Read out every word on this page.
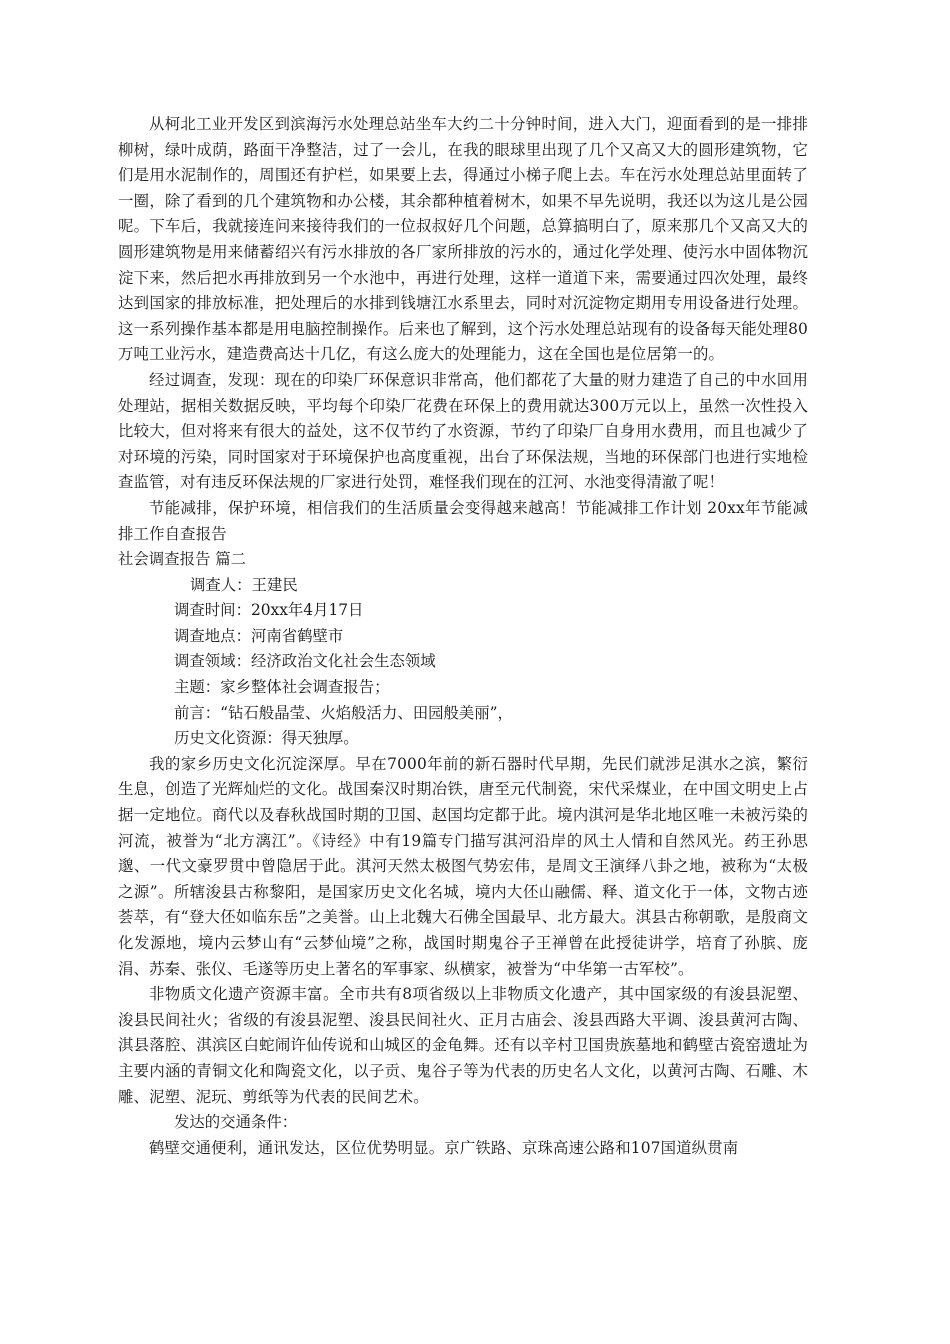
从柯北工业开发区到滨海污水处理总站坐车大约二十分钟时间，进入大门，迎面看到的是一排排柳树，绿叶成荫，路面干净整洁，过了一会儿，在我的眼球里出现了几个又高又大的圆形建筑物，它们是用水泥制作的，周围还有护栏，如果要上去，得通过小梯子爬上去。车在污水处理总站里面转了一圈，除了看到的几个建筑物和办公楼，其余都种植着树木，如果不早先说明，我还以为这儿是公园呢。下车后，我就接连问来接待我们的一位叔叔好几个问题，总算搞明白了，原来那几个又高又大的圆形建筑物是用来储蓄绍兴有污水排放的各厂家所排放的污水的，通过化学处理、使污水中固体物沉淀下来，然后把水再排放到另一个水池中，再进行处理，这样一道道下来，需要通过四次处理，最终达到国家的排放标准，把处理后的水排到钱塘江水系里去，同时对沉淀物定期用专用设备进行处理。这一系列操作基本都是用电脑控制操作。后来也了解到，这个污水处理总站现有的设备每天能处理80万吨工业污水，建造费高达十几亿，有这么庞大的处理能力，这在全国也是位居第一的。

经过调查，发现：现在的印染厂环保意识非常高，他们都花了大量的财力建造了自己的中水回用处理站，据相关数据反映，平均每个印染厂花费在环保上的费用就达300万元以上，虽然一次性投入比较大，但对将来有很大的益处，这不仅节约了水资源，节约了印染厂自身用水费用，而且也减少了对环境的污染，同时国家对于环境保护也高度重视，出台了环保法规，当地的环保部门也进行实地检查监管，对有违反环保法规的厂家进行处罚，难怪我们现在的江河、水池变得清澈了呢！

节能减排，保护环境，相信我们的生活质量会变得越来越高！节能减排工作计划 20xx年节能减排工作自查报告

社会调查报告 篇二

调查人：王建民

调查时间：20xx年4月17日

调查地点：河南省鹤壁市

调查领域：经济政治文化社会生态领域

主题：家乡整体社会调查报告；

前言：“钻石般晶莹、火焰般活力、田园般美丽”，

历史文化资源：得天独厚。

我的家乡历史文化沉淀深厚。早在7000年前的新石器时代早期，先民们就涉足淇水之滨，繁衍生息，创造了光辉灿烂的文化。战国秦汉时期冶铁，唐至元代制瓷，宋代采煤业，在中国文明史上占据一定地位。商代以及春秋战国时期的卫国、赵国均定都于此。境内淇河是华北地区唯一未被污染的河流，被誉为“北方漓江”。《诗经》中有19篇专门描写淇河沿岸的风土人情和自然风光。药王孙思邈、一代文豪罗贯中曾隐居于此。淇河天然太极图气势宏伟，是周文王演绎八卦之地，被称为“太极之源”。所辖浚县古称黎阳，是国家历史文化名城，境内大伾山融儒、释、道文化于一体，文物古迹荟萃，有“登大伾如临东岳”之美誉。山上北魏大石佛全国最早、北方最大。淇县古称朝歌，是殷商文化发源地，境内云梦山有“云梦仙境”之称，战国时期鬼谷子王禅曾在此授徒讲学，培育了孙膑、庞涓、苏秦、张仪、毛遂等历史上著名的军事家、纵横家，被誉为“中华第一古军校”。

非物质文化遗产资源丰富。全市共有8项省级以上非物质文化遗产，其中国家级的有浚县泥塑、浚县民间社火；省级的有浚县泥塑、浚县民间社火、正月古庙会、浚县西路大平调、浚县黄河古陶、淇县落腔、淇滨区白蛇闹许仙传说和山城区的金龟舞。还有以辛村卫国贵族墓地和鹤壁古瓷窑遗址为主要内涵的青铜文化和陶瓷文化，以子贡、鬼谷子等为代表的历史名人文化，以黄河古陶、石雕、木雕、泥塑、泥玩、剪纸等为代表的民间艺术。

发达的交通条件：

鹤壁交通便利，通讯发达，区位优势明显。京广铁路、京珠高速公路和107国道纵贯南
